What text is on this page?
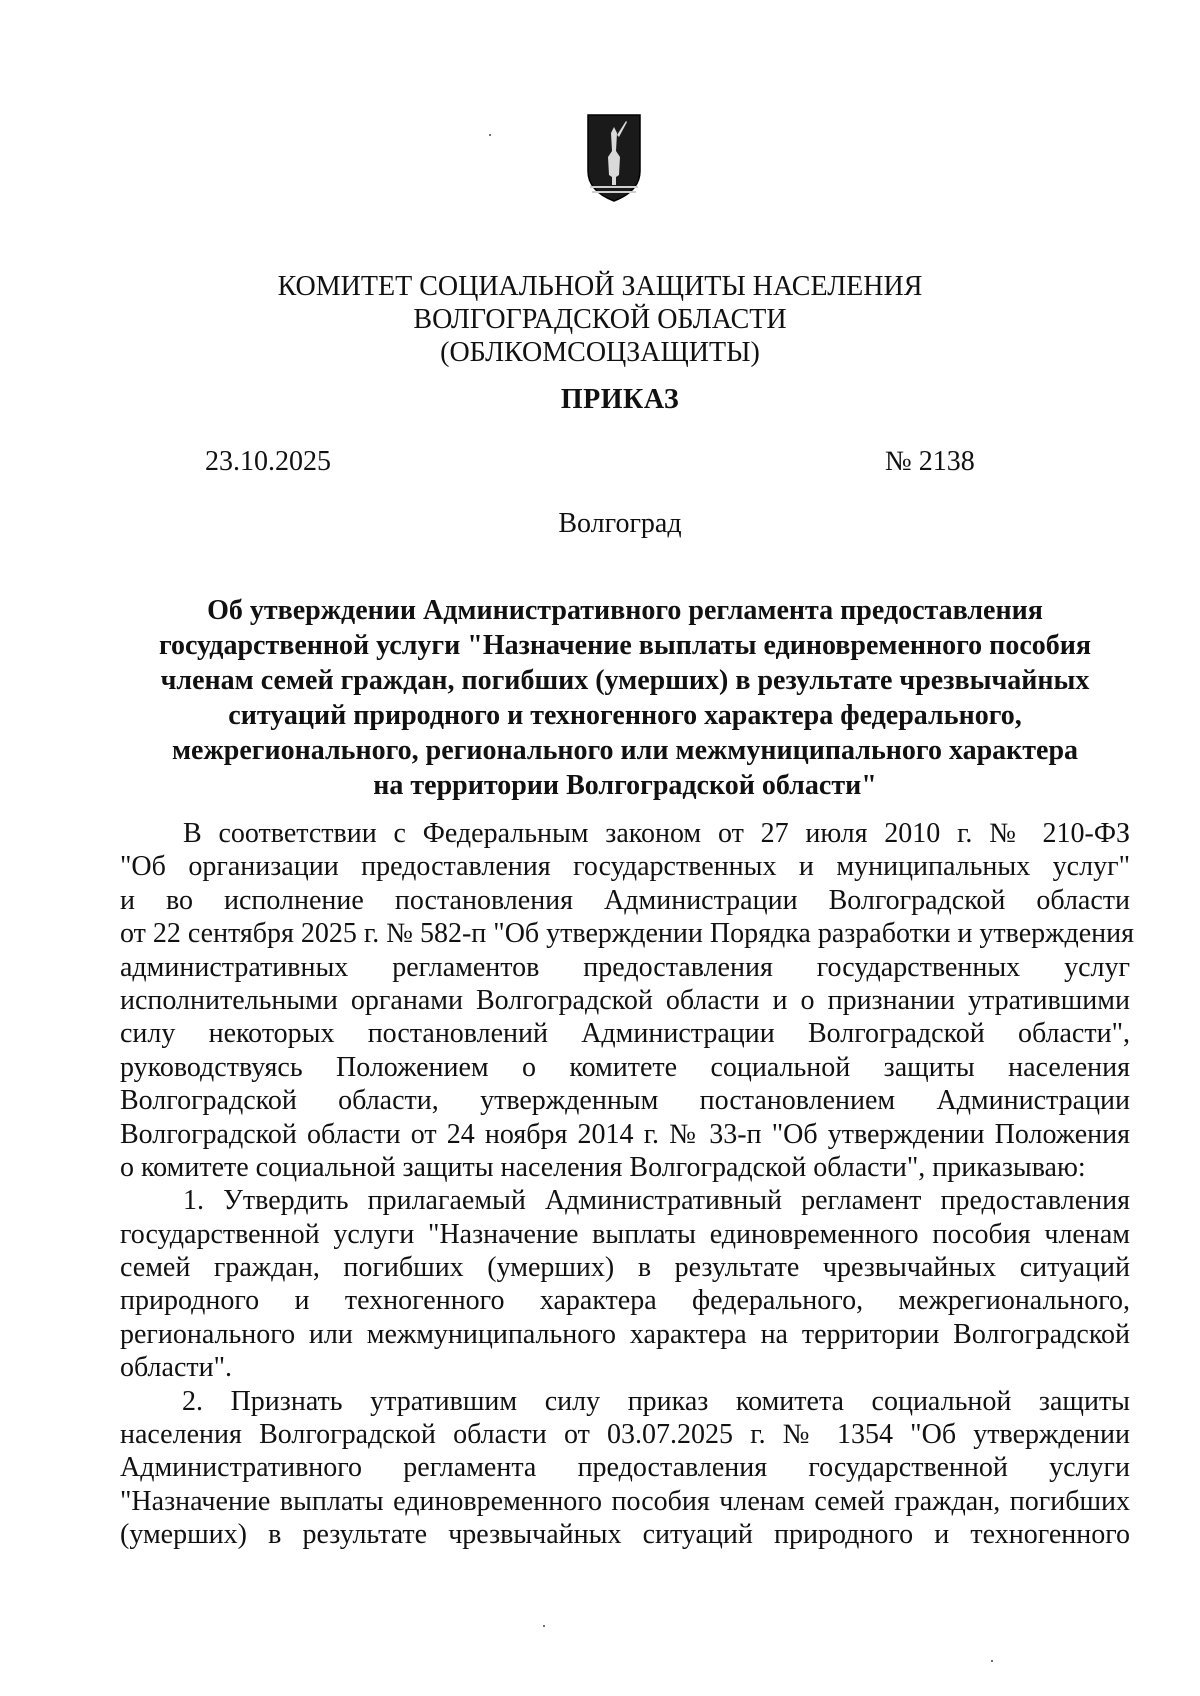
КОМИТЕТ СОЦИАЛЬНОЙ ЗАЩИТЫ НАСЕЛЕНИЯ
ВОЛГОГРАДСКОЙ ОБЛАСТИ
(ОБЛКОМСОЦЗАЩИТЫ)
ПРИКАЗ
23.10.2025	№ 2138
Волгоград
Об утверждении Административного регламента предоставления
государственной услуги "Назначение выплаты единовременного пособия
членам семей граждан, погибших (умерших) в результате чрезвычайных
ситуаций природного и техногенного характера федерального,
межрегионального, регионального или межмуниципального характера
на территории Волгоградской области"
В соответствии с Федеральным законом от 27 июля 2010 г. № 210-ФЗ
"Об организации предоставления государственных и муниципальных услуг"
и во исполнение постановления Администрации Волгоградской области
от 22 сентября 2025 г. № 582-п "Об утверждении Порядка разработки и утверждения
административных регламентов предоставления государственных услуг
исполнительными органами Волгоградской области и о признании утратившими
силу некоторых постановлений Администрации Волгоградской области",
руководствуясь Положением о комитете социальной защиты населения
Волгоградской области, утвержденным постановлением Администрации
Волгоградской области от 24 ноября 2014 г. № 33-п "Об утверждении Положения
о комитете социальной защиты населения Волгоградской области", приказываю:
1. Утвердить прилагаемый Административный регламент предоставления
государственной услуги "Назначение выплаты единовременного пособия членам
семей граждан, погибших (умерших) в результате чрезвычайных ситуаций
природного и техногенного характера федерального, межрегионального,
регионального или межмуниципального характера на территории Волгоградской
области".
2. Признать утратившим силу приказ комитета социальной защиты
населения Волгоградской области от 03.07.2025 г. № 1354 "Об утверждении
Административного регламента предоставления государственной услуги
"Назначение выплаты единовременного пособия членам семей граждан, погибших
(умерших) в результате чрезвычайных ситуаций природного и техногенного
